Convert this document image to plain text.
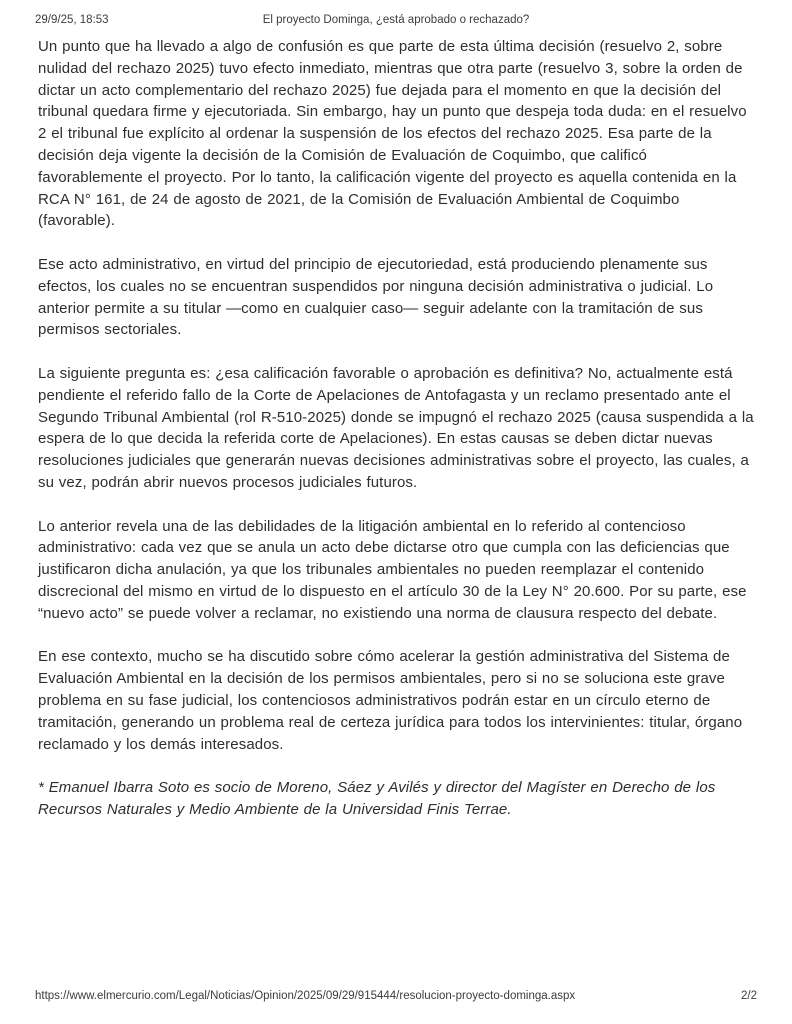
29/9/25, 18:53	El proyecto Dominga, ¿está aprobado o rechazado?

Un punto que ha llevado a algo de confusión es que parte de esta última decisión (resuelvo 2, sobre nulidad del rechazo 2025) tuvo efecto inmediato, mientras que otra parte (resuelvo 3, sobre la orden de dictar un acto complementario del rechazo 2025) fue dejada para el momento en que la decisión del tribunal quedara firme y ejecutoriada. Sin embargo, hay un punto que despeja toda duda: en el resuelvo 2 el tribunal fue explícito al ordenar la suspensión de los efectos del rechazo 2025. Esa parte de la decisión deja vigente la decisión de la Comisión de Evaluación de Coquimbo, que calificó favorablemente el proyecto. Por lo tanto, la calificación vigente del proyecto es aquella contenida en la RCA N° 161, de 24 de agosto de 2021, de la Comisión de Evaluación Ambiental de Coquimbo (favorable).

Ese acto administrativo, en virtud del principio de ejecutoriedad, está produciendo plenamente sus efectos, los cuales no se encuentran suspendidos por ninguna decisión administrativa o judicial. Lo anterior permite a su titular —como en cualquier caso— seguir adelante con la tramitación de sus permisos sectoriales.

La siguiente pregunta es: ¿esa calificación favorable o aprobación es definitiva? No, actualmente está pendiente el referido fallo de la Corte de Apelaciones de Antofagasta y un reclamo presentado ante el Segundo Tribunal Ambiental (rol R-510-2025) donde se impugnó el rechazo 2025 (causa suspendida a la espera de lo que decida la referida corte de Apelaciones). En estas causas se deben dictar nuevas resoluciones judiciales que generarán nuevas decisiones administrativas sobre el proyecto, las cuales, a su vez, podrán abrir nuevos procesos judiciales futuros.

Lo anterior revela una de las debilidades de la litigación ambiental en lo referido al contencioso administrativo: cada vez que se anula un acto debe dictarse otro que cumpla con las deficiencias que justificaron dicha anulación, ya que los tribunales ambientales no pueden reemplazar el contenido discrecional del mismo en virtud de lo dispuesto en el artículo 30 de la Ley N° 20.600. Por su parte, ese “nuevo acto” se puede volver a reclamar, no existiendo una norma de clausura respecto del debate.

En ese contexto, mucho se ha discutido sobre cómo acelerar la gestión administrativa del Sistema de Evaluación Ambiental en la decisión de los permisos ambientales, pero si no se soluciona este grave problema en su fase judicial, los contenciosos administrativos podrán estar en un círculo eterno de tramitación, generando un problema real de certeza jurídica para todos los intervinientes: titular, órgano reclamado y los demás interesados.

* Emanuel Ibarra Soto es socio de Moreno, Sáez y Avilés y director del Magíster en Derecho de los Recursos Naturales y Medio Ambiente de la Universidad Finis Terrae.

https://www.elmercurio.com/Legal/Noticias/Opinion/2025/09/29/915444/resolucion-proyecto-dominga.aspx	2/2
